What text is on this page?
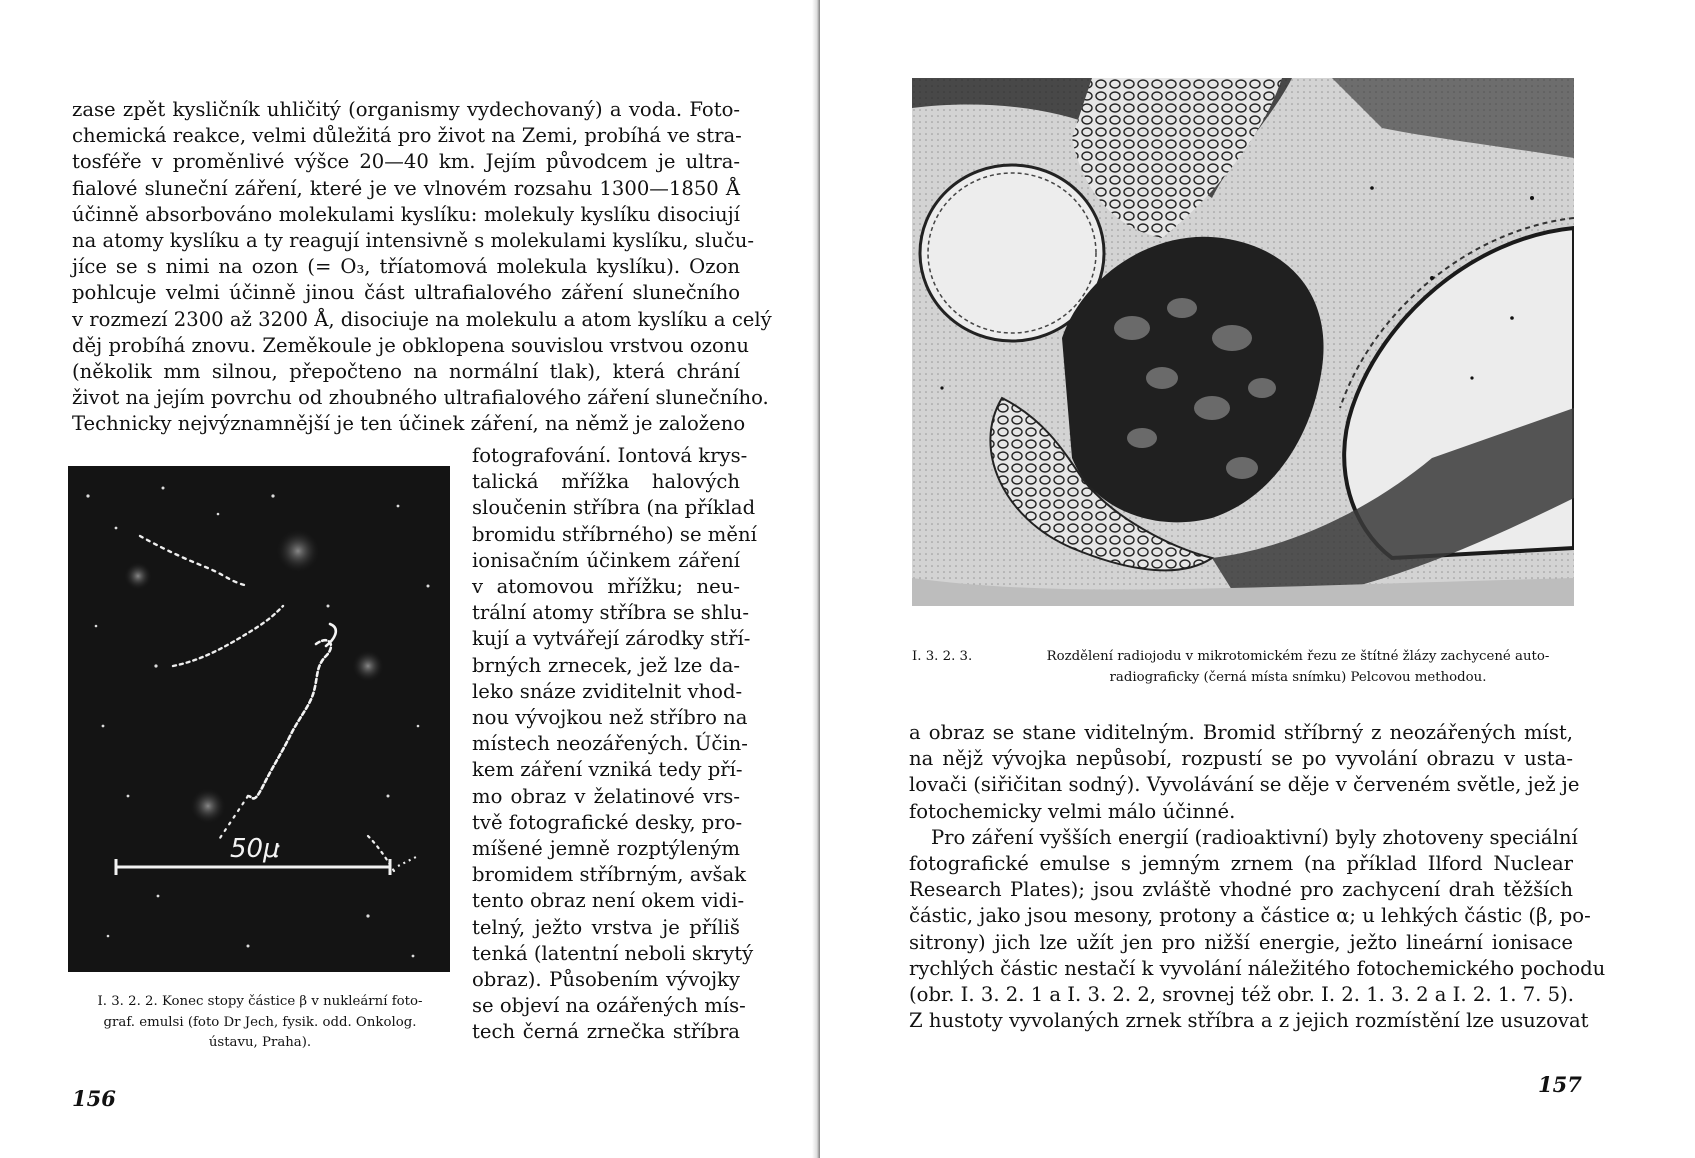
zase zpět kysličník uhličitý (organismy vydechovaný) a voda. Foto-
chemická reakce, velmi důležitá pro život na Zemi, probíhá ve stra-
tosféře v proměnlivé výšce 20—40 km. Jejím původcem je ultra-
fialové sluneční záření, které je ve vlnovém rozsahu 1300—1850 Å
účinně absorbováno molekulami kyslíku: molekuly kyslíku disociují
na atomy kyslíku a ty reagují intensivně s molekulami kyslíku, sluču-
jíce se s nimi na ozon (= O₃, tříatomová molekula kyslíku). Ozon
pohlcuje velmi účinně jinou část ultrafialového záření slunečního
v rozmezí 2300 až 3200 Å, disociuje na molekulu a atom kyslíku a celý
děj probíhá znovu. Zeměkoule je obklopena souvislou vrstvou ozonu
(několik mm silnou, přepočteno na normální tlak), která chrání
život na jejím povrchu od zhoubného ultrafialového záření slunečního.
Technicky nejvýznamnější je ten účinek záření, na němž je založeno
50μ
fotografování. Iontová krys-
talická mřížka halových
sloučenin stříbra (na příklad
bromidu stříbrného) se mění
ionisačním účinkem záření
v atomovou mřížku; neu-
trální atomy stříbra se shlu-
kují a vytvářejí zárodky stří-
brných zrnecek, jež lze da-
leko snáze zviditelnit vhod-
nou vývojkou než stříbro na
místech neozářených. Účin-
kem záření vzniká tedy pří-
mo obraz v želatinové vrs-
tvě fotografické desky, pro-
míšené jemně rozptýleným
bromidem stříbrným, avšak
tento obraz není okem vidi-
telný, ježto vrstva je příliš
tenká (latentní neboli skrytý
obraz). Působením vývojky
se objeví na ozářených mís-
tech černá zrnečka stříbra
I. 3. 2. 2. Konec stopy částice β v nukleární foto-
graf. emulsi (foto Dr Jech, fysik. odd. Onkolog.
ústavu, Praha).
156
I. 3. 2. 3.	Rozdělení radiojodu v mikrotomickém řezu ze štítné žlázy zachycené auto-
radiograficky (černá místa snímku) Pelcovou methodou.
a obraz se stane viditelným. Bromid stříbrný z neozářených míst,
na nějž vývojka nepůsobí, rozpustí se po vyvolání obrazu v usta-
lovači (siřičitan sodný). Vyvolávání se děje v červeném světle, jež je
fotochemicky velmi málo účinné.
Pro záření vyšších energií (radioaktivní) byly zhotoveny speciální
fotografické emulse s jemným zrnem (na příklad Ilford Nuclear
Research Plates); jsou zvláště vhodné pro zachycení drah těžších
částic, jako jsou mesony, protony a částice α; u lehkých částic (β, po-
sitrony) jich lze užít jen pro nižší energie, ježto lineární ionisace
rychlých částic nestačí k vyvolání náležitého fotochemického pochodu
(obr. I. 3. 2. 1 a I. 3. 2. 2, srovnej též obr. I. 2. 1. 3. 2 a I. 2. 1. 7. 5).
Z hustoty vyvolaných zrnek stříbra a z jejich rozmístění lze usuzovat
157
